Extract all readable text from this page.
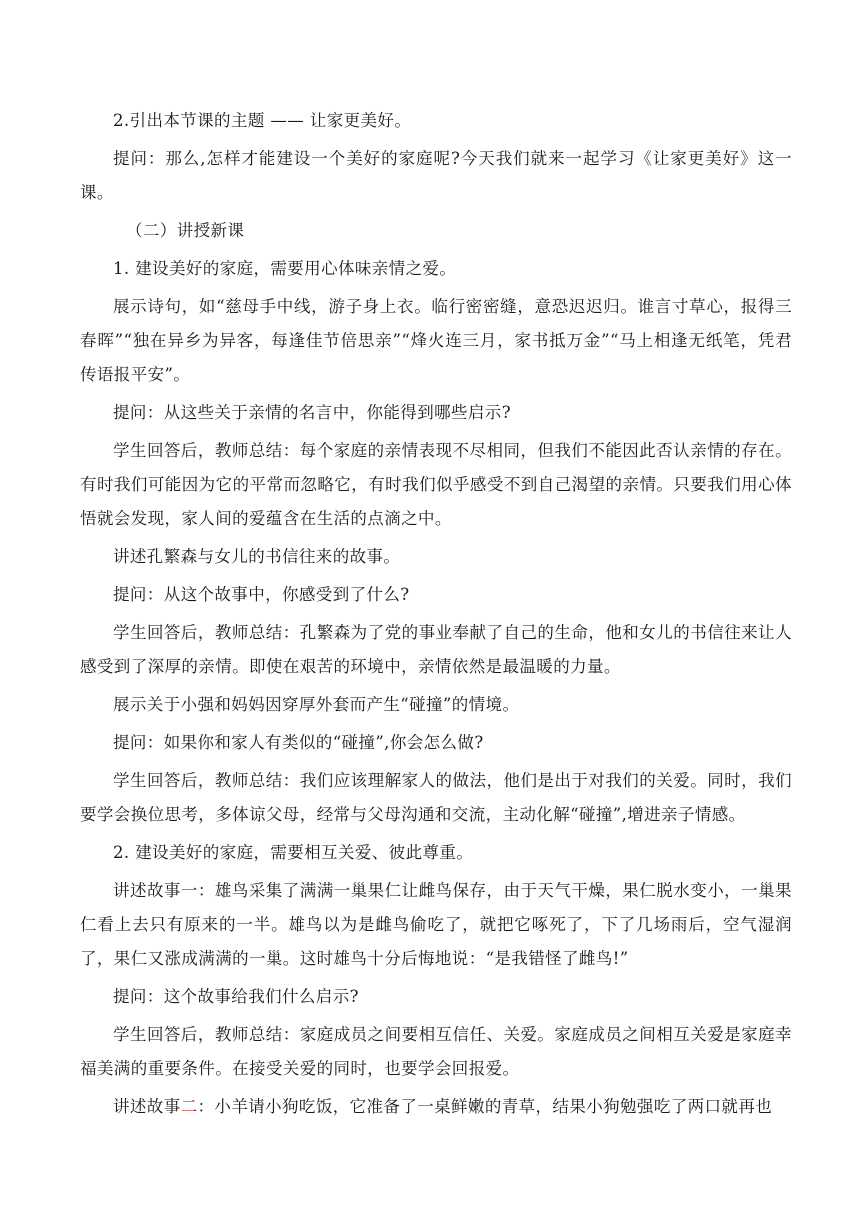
2.引出本节课的主题 —— 让家更美好。

提问：那么,怎样才能建设一个美好的家庭呢?今天我们就来一起学习《让家更美好》这一课。

（二）讲授新课

1. 建设美好的家庭，需要用心体味亲情之爱。

展示诗句，如“慈母手中线，游子身上衣。临行密密缝，意恐迟迟归。谁言寸草心，报得三春晖”“独在异乡为异客，每逢佳节倍思亲”“烽火连三月，家书抵万金”“马上相逢无纸笔，凭君传语报平安”。

提问：从这些关于亲情的名言中，你能得到哪些启示?

学生回答后，教师总结：每个家庭的亲情表现不尽相同，但我们不能因此否认亲情的存在。有时我们可能因为它的平常而忽略它，有时我们似乎感受不到自己渴望的亲情。只要我们用心体悟就会发现，家人间的爱蕴含在生活的点滴之中。

讲述孔繁森与女儿的书信往来的故事。

提问：从这个故事中，你感受到了什么?

学生回答后，教师总结：孔繁森为了党的事业奉献了自己的生命，他和女儿的书信往来让人感受到了深厚的亲情。即使在艰苦的环境中，亲情依然是最温暖的力量。

展示关于小强和妈妈因穿厚外套而产生“碰撞”的情境。

提问：如果你和家人有类似的“碰撞”,你会怎么做?

学生回答后，教师总结：我们应该理解家人的做法，他们是出于对我们的关爱。同时，我们要学会换位思考，多体谅父母，经常与父母沟通和交流，主动化解“碰撞”,增进亲子情感。

2. 建设美好的家庭，需要相互关爱、彼此尊重。

讲述故事一：雄鸟采集了满满一巢果仁让雌鸟保存，由于天气干燥，果仁脱水变小，一巢果仁看上去只有原来的一半。雄鸟以为是雌鸟偷吃了，就把它啄死了，下了几场雨后，空气湿润了，果仁又涨成满满的一巢。这时雄鸟十分后悔地说：“是我错怪了雌鸟!”

提问：这个故事给我们什么启示?

学生回答后，教师总结：家庭成员之间要相互信任、关爱。家庭成员之间相互关爱是家庭幸福美满的重要条件。在接受关爱的同时，也要学会回报爱。

讲述故事二：小羊请小狗吃饭，它准备了一桌鲜嫩的青草，结果小狗勉强吃了两口就再也
